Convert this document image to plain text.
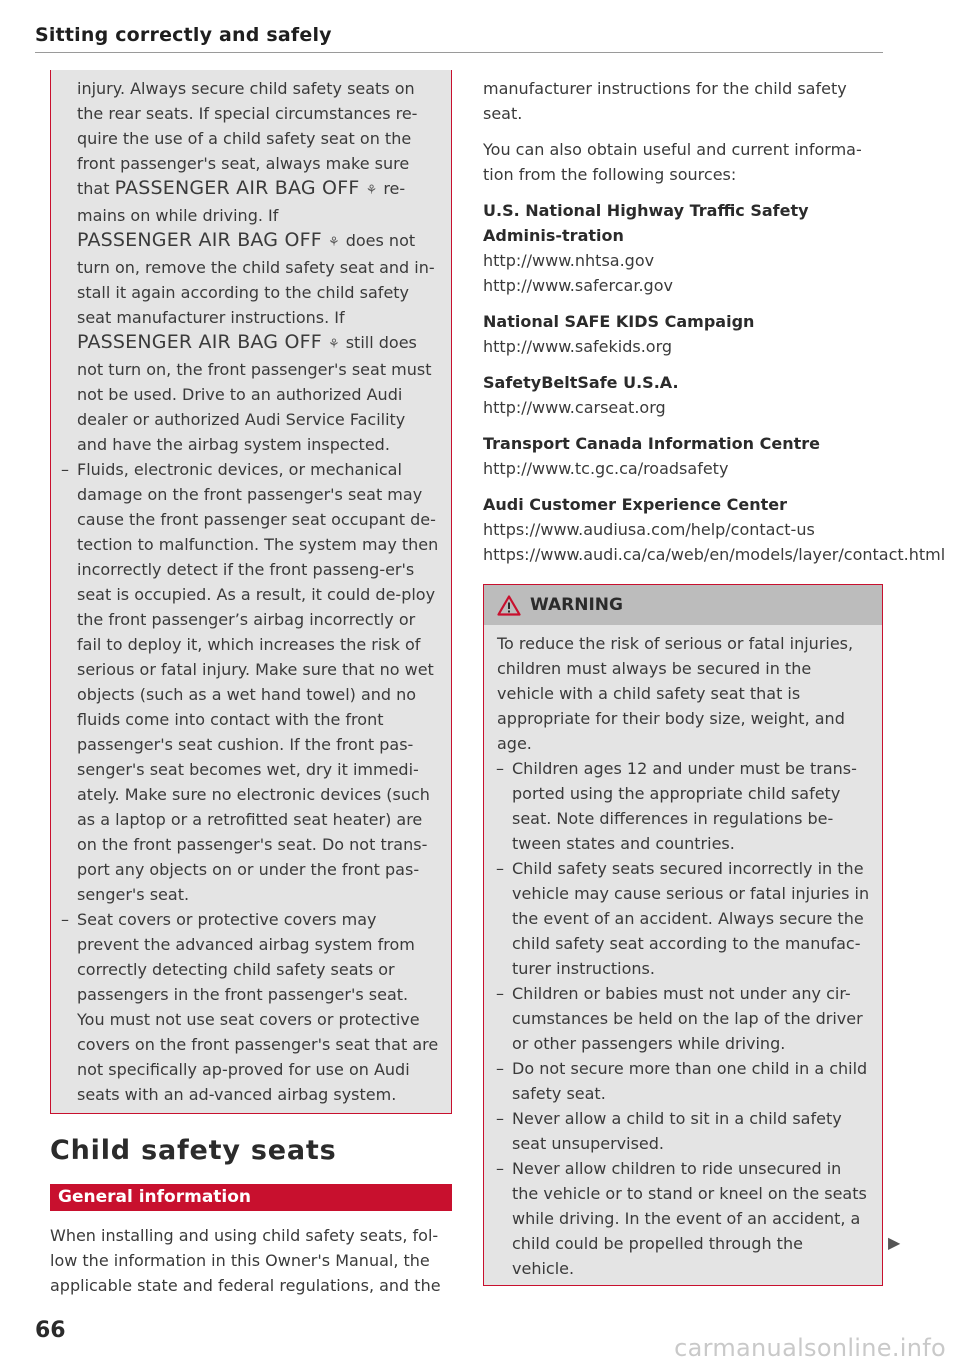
Sitting correctly and safely

injury. Always secure child safety seats on the rear seats. If special circumstances re-quire the use of a child safety seat on the front passenger's seat, always make sure that PASSENGER AIR BAG OFF ⚘ re-mains on while driving. If
PASSENGER AIR BAG OFF ⚘ does not turn on, remove the child safety seat and in-stall it again according to the child safety seat manufacturer instructions. If
PASSENGER AIR BAG OFF ⚘ still does not turn on, the front passenger's seat must not be used. Drive to an authorized Audi dealer or authorized Audi Service Facility and have the airbag system inspected.

– Fluids, electronic devices, or mechanical damage on the front passenger's seat may cause the front passenger seat occupant de-tection to malfunction. The system may then incorrectly detect if the front passeng-er's seat is occupied. As a result, it could de-ploy the front passenger’s airbag incorrectly or fail to deploy it, which increases the risk of serious or fatal injury. Make sure that no wet objects (such as a wet hand towel) and no fluids come into contact with the front passenger's seat cushion. If the front pas-senger's seat becomes wet, dry it immedi-ately. Make sure no electronic devices (such as a laptop or a retrofitted seat heater) are on the front passenger's seat. Do not trans-port any objects on or under the front pas-senger's seat.
– Seat covers or protective covers may prevent the advanced airbag system from correctly detecting child safety seats or passengers in the front passenger's seat. You must not use seat covers or protective covers on the front passenger's seat that are not specifically ap-proved for use on Audi seats with an ad-vanced airbag system.
Child safety seats
General information

When installing and using child safety seats, fol-low the information in this Owner's Manual, the applicable state and federal regulations, and the

manufacturer instructions for the child safety seat.

You can also obtain useful and current informa-tion from the following sources:

U.S. National Highway Traffic Safety Adminis-tration
http://www.nhtsa.gov
http://www.safercar.gov
National SAFE KIDS Campaign
http://www.safekids.org
SafetyBeltSafe U.S.A.
http://www.carseat.org
Transport Canada Information Centre
http://www.tc.gc.ca/roadsafety
Audi Customer Experience Center
https://www.audiusa.com/help/contact-us
https://www.audi.ca/ca/web/en/models/layer/contact.html
WARNING

To reduce the risk of serious or fatal injuries, children must always be secured in the vehicle with a child safety seat that is appropriate for their body size, weight, and age.

– Children ages 12 and under must be trans-ported using the appropriate child safety seat. Note differences in regulations be-tween states and countries.
– Child safety seats secured incorrectly in the vehicle may cause serious or fatal injuries in the event of an accident. Always secure the child safety seat according to the manufac-turer instructions.
– Children or babies must not under any cir-cumstances be held on the lap of the driver or other passengers while driving.
– Do not secure more than one child in a child safety seat.
– Never allow a child to sit in a child safety seat unsupervised.
– Never allow children to ride unsecured in the vehicle or to stand or kneel on the seats while driving. In the event of an accident, a child could be propelled through the vehicle.
▶
66
carmanualsonline.info
